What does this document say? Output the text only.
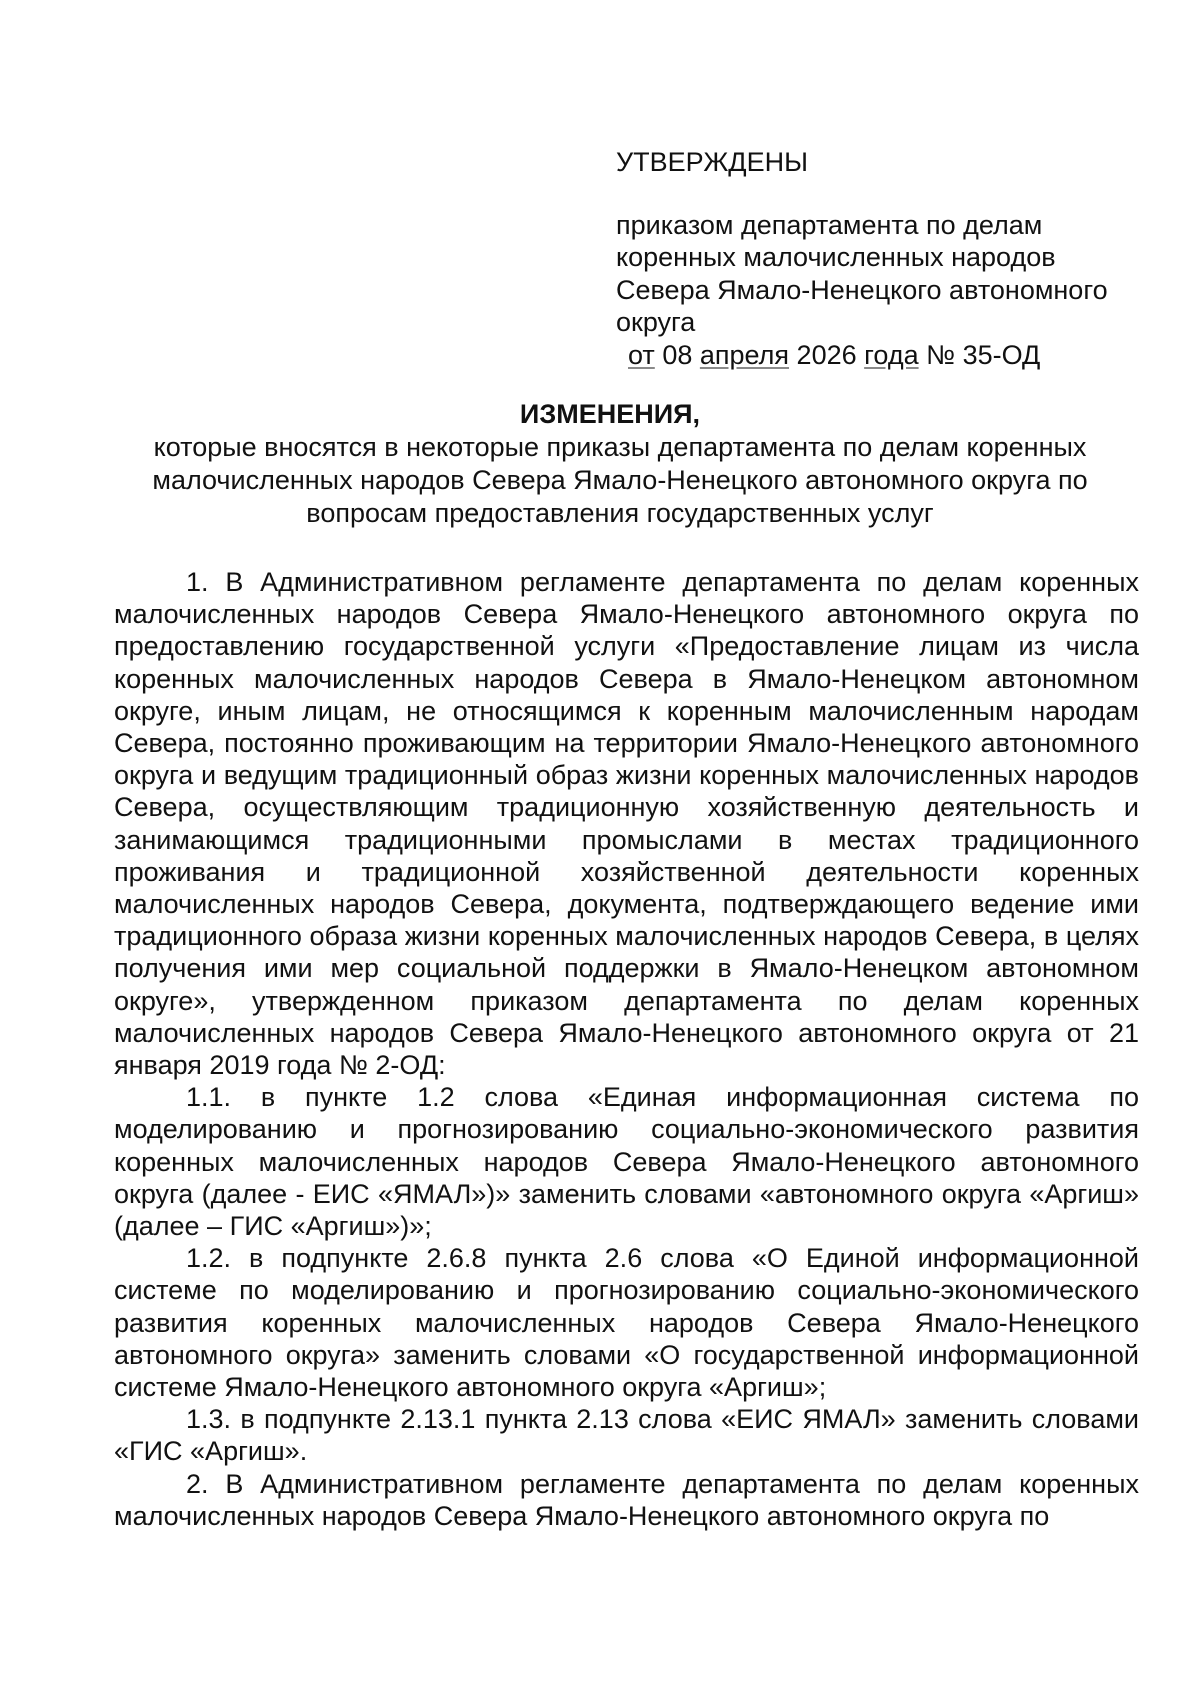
УТВЕРЖДЕНЫ

приказом департамента по делам коренных малочисленных народов Севера Ямало-Ненецкого автономного округа

от 08 апреля 2026 года № 35-ОД

ИЗМЕНЕНИЯ,

которые вносятся в некоторые приказы департамента по делам коренных малочисленных народов Севера Ямало-Ненецкого автономного округа по вопросам предоставления государственных услуг

1. В Административном регламенте департамента по делам коренных малочисленных народов Севера Ямало-Ненецкого автономного округа по предоставлению государственной услуги «Предоставление лицам из числа коренных малочисленных народов Севера в Ямало-Ненецком автономном округе, иным лицам, не относящимся к коренным малочисленным народам Севера, постоянно проживающим на территории Ямало-Ненецкого автономного округа и ведущим традиционный образ жизни коренных малочисленных народов Севера, осуществляющим традиционную хозяйственную деятельность и занимающимся традиционными промыслами в местах традиционного проживания и традиционной хозяйственной деятельности коренных малочисленных народов Севера, документа, подтверждающего ведение ими традиционного образа жизни коренных малочисленных народов Севера, в целях получения ими мер социальной поддержки в Ямало-Ненецком автономном округе», утвержденном приказом департамента по делам коренных малочисленных народов Севера Ямало-Ненецкого автономного округа от 21 января 2019 года № 2-ОД:

1.1. в пункте 1.2 слова «Единая информационная система по моделированию и прогнозированию социально-экономического развития коренных малочисленных народов Севера Ямало-Ненецкого автономного округа (далее - ЕИС «ЯМАЛ»)» заменить словами «автономного округа «Аргиш» (далее – ГИС «Аргиш»)»;

1.2. в подпункте 2.6.8 пункта 2.6 слова «О Единой информационной системе по моделированию и прогнозированию социально-экономического развития коренных малочисленных народов Севера Ямало-Ненецкого автономного округа» заменить словами «О государственной информационной системе Ямало-Ненецкого автономного округа «Аргиш»;

1.3. в подпункте 2.13.1 пункта 2.13 слова «ЕИС ЯМАЛ» заменить словами «ГИС «Аргиш».

2. В Административном регламенте департамента по делам коренных малочисленных народов Севера Ямало-Ненецкого автономного округа по
